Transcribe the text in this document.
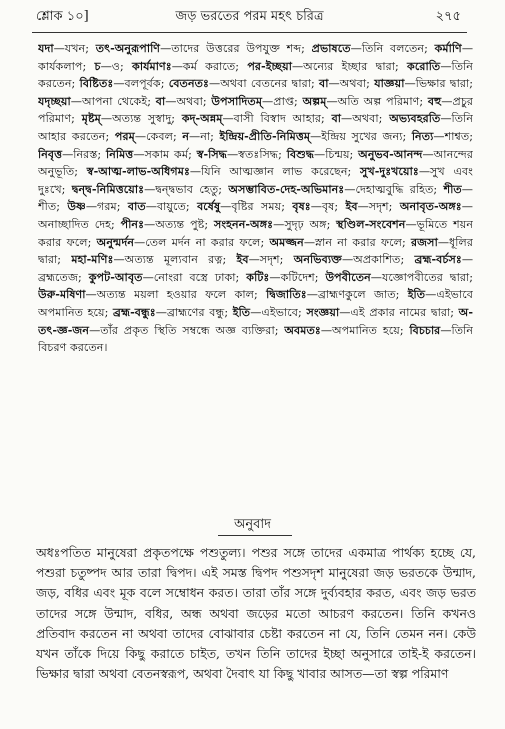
শ্লোক ১০]	জড় ভরতের পরম মহৎ চরিত্র	২৭৫
যদা—যখন; তৎ-অনুরূপাণি—তাদের উত্তরের উপযুক্ত শব্দ; প্রভাষতে—তিনি বলতেন; কর্মাণি—কার্যকলাপ; চ—ও; কার্যমাণঃ—কর্ম করাতে; পর-ইচ্ছয়া—অন্যের ইচ্ছার দ্বারা; করোতি—তিনি করতেন; বিষ্টিতঃ—বলপূর্বক; বেতনতঃ—অথবা বেতনের দ্বারা; বা—অথবা; যাজ্ঞয়া—ভিক্ষার দ্বারা; যদৃচ্ছয়া—আপনা থেকেই; বা—অথবা; উপসাদিতম্—প্রাপ্ত; অল্পম্—অতি অল্প পরিমাণ; বহু—প্রচুর পরিমাণ; মৃষ্টম্—অত্যন্ত সুস্বাদু; কদ্-অন্নম্—বাসী বিস্বাদ আহার; বা—অথবা; অভ্যবহরতি—তিনি আহার করতেন; পরম্—কেবল; ন—না; ইন্দ্রিয়-প্রীতি-নিমিত্তম্—ইন্দ্রিয় সুখের জন্য; নিত্য—শাশ্বত; নিবৃত্ত—নিরস্ত; নিমিত্ত—সকাম কর্ম; স্ব-সিদ্ধ—স্বতঃসিদ্ধ; বিশুদ্ধ—চিন্ময়; অনুভব-আনন্দ—আনন্দের অনুভূতি; স্ব-আত্ম-লাভ-অধিগমঃ—যিনি আত্মজ্ঞান লাভ করেছেন; সুখ-দুঃখয়োঃ—সুখ এবং দুঃখে; দ্বন্দ্ব-নিমিত্তয়োঃ—দ্বন্দ্বভাব হেতু; অসম্ভাবিত-দেহ-অভিমানঃ—দেহাত্মবুদ্ধি রহিত; শীত—শীত; উষ্ণ—গরম; বাত—বায়ুতে; বর্ষেষু—বৃষ্টির সময়; বৃষঃ—বৃষ; ইব—সদৃশ; অনাবৃত-অঙ্গঃ—অনাচ্ছাদিত দেহ; পীনঃ—অত্যন্ত পুষ্ট; সংহনন-অঙ্গঃ—সুদৃঢ় অঙ্গ; স্থণ্ডিল-সংবেশন—ভূমিতে শয়ন করার ফলে; অনুন্মর্দন—তেল মর্দন না করার ফলে; অমজ্জন—স্নান না করার ফলে; রজসা—ধূলির দ্বারা; মহা-মণিঃ—অত্যন্ত মূল্যবান রত্ন; ইব—সদৃশ; অনভিব্যক্ত—অপ্রকাশিত; ব্রহ্ম-বর্চসঃ—ব্রহ্মতেজ; কুপট-আবৃত—নোংরা বস্ত্রে ঢাকা; কটিঃ—কটিদেশ; উপবীতেন—যজ্ঞোপবীতের দ্বারা; উরু-মষিণা—অত্যন্ত ময়লা হওয়ার ফলে কাল; দ্বিজাতিঃ—ব্রাহ্মণকুলে জাত; ইতি—এইভাবে অপমানিত হয়ে; ব্রহ্ম-বন্ধুঃ—ব্রাহ্মণের বন্ধু; ইতি—এইভাবে; সংজ্ঞয়া—এই প্রকার নামের দ্বারা; অ-তৎ-জ্ঞ-জন—তাঁর প্রকৃত স্থিতি সম্বন্ধে অজ্ঞ ব্যক্তিরা; অবমতঃ—অপমানিত হয়ে; বিচচার—তিনি বিচরণ করতেন।
অনুবাদ
অধঃপতিত মানুষেরা প্রকৃতপক্ষে পশুতুল্য। পশুর সঙ্গে তাদের একমাত্র পার্থক্য হচ্ছে যে, পশুরা চতুষ্পদ আর তারা দ্বিপদ। এই সমস্ত দ্বিপদ পশুসদৃশ মানুষেরা জড় ভরতকে উন্মাদ, জড়, বধির এবং মূক বলে সম্বোধন করত। তারা তাঁর সঙ্গে দুর্ব্যবহার করত, এবং জড় ভরত তাদের সঙ্গে উন্মাদ, বধির, অন্ধ অথবা জড়ের মতো আচরণ করতেন। তিনি কখনও প্রতিবাদ করতেন না অথবা তাদের বোঝাবার চেষ্টা করতেন না যে, তিনি তেমন নন। কেউ যখন তাঁকে দিয়ে কিছু করাতে চাইত, তখন তিনি তাদের ইচ্ছা অনুসারে তাই-ই করতেন। ভিক্ষার দ্বারা অথবা বেতনস্বরূপ, অথবা দৈবাৎ যা কিছু খাবার আসত—তা স্বল্প পরিমাণ
